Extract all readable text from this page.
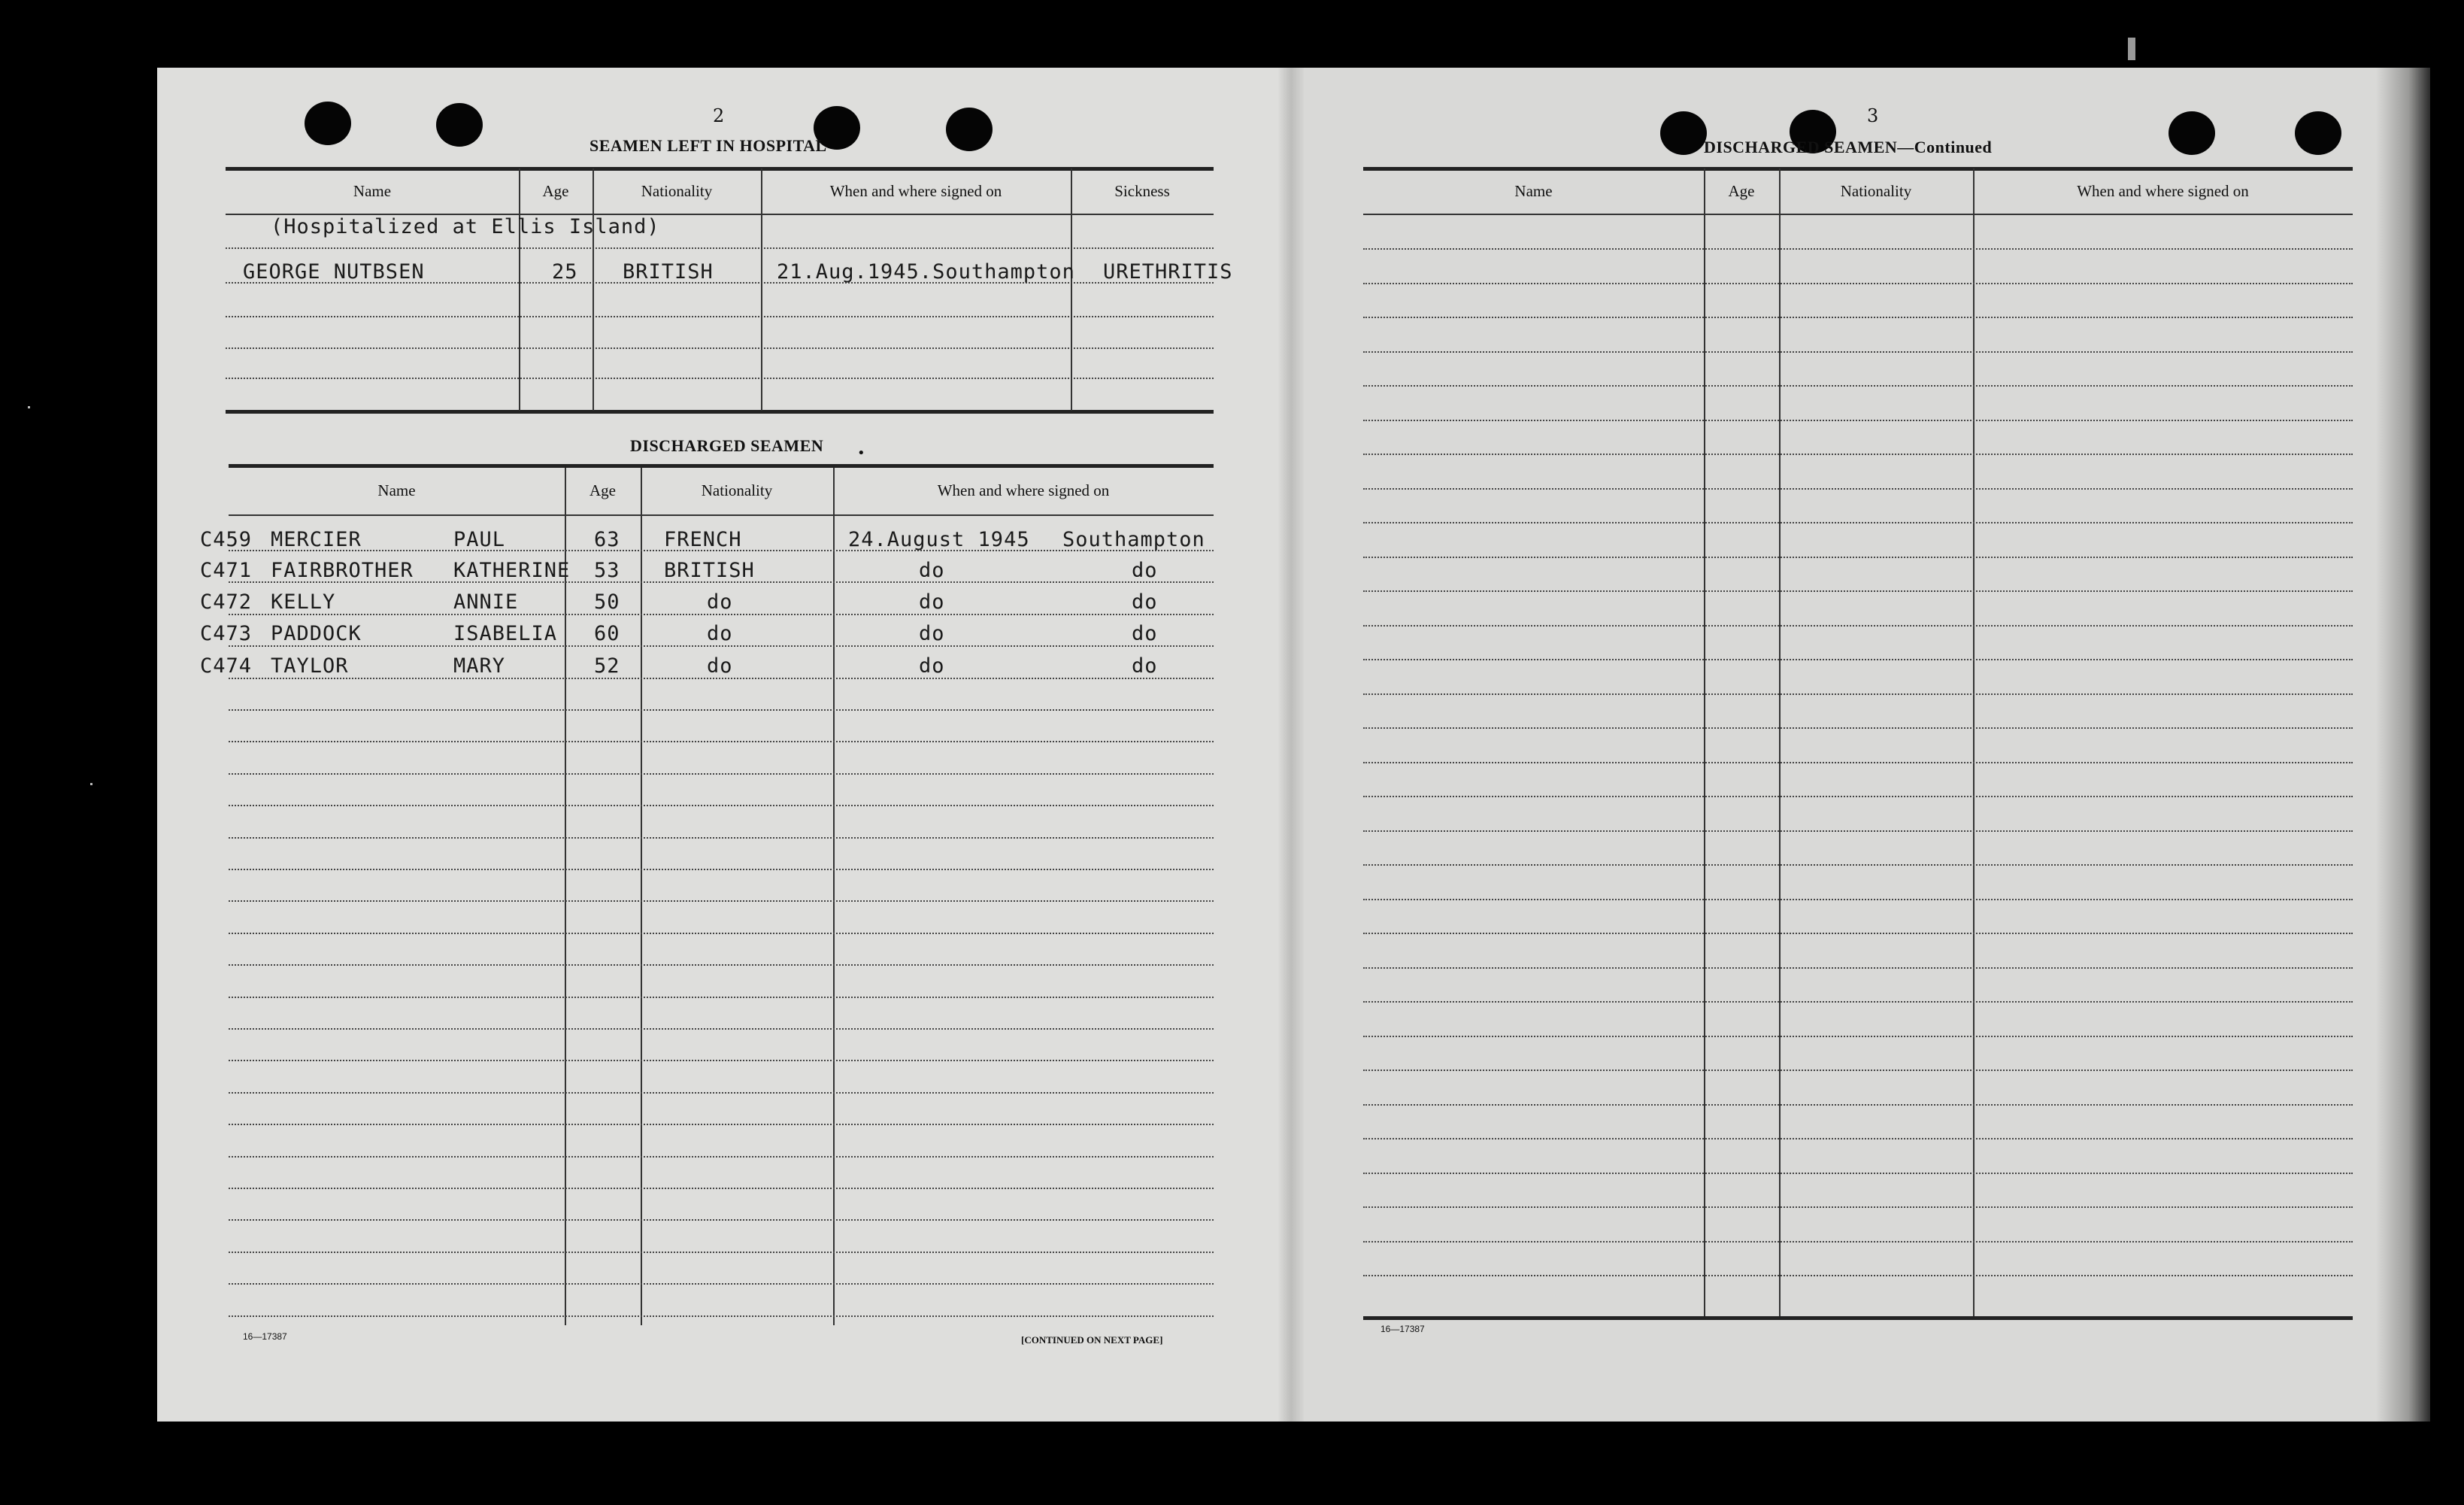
2
SEAMEN LEFT IN HOSPITAL
Name	Age	Nationality	When and where signed on	Sickness
(Hospitalized at Ellis Island)
GEORGE NUTBSEN	25 BRITISH	21.Aug.1945.Southampton URETHRITIS
DISCHARGED SEAMEN •
Name	Age	Nationality	When and where signed on
C459 MERCIER	PAUL	63 FRENCH	24.August 1945 Southampton
C471 FAIRBROTHER KATHERINE 53 BRITISH	do	do
C472 KELLY	ANNIE	50	do	do	do
C473 PADDOCK	ISABELIA 60	do	do	do
C474 TAYLOR	MARY	52	do	do	do
16—17387	[CONTINUED ON NEXT PAGE]
3
DISCHARGED SEAMEN—Continued
Name	Age	Nationality	When and where signed on
16—17387
